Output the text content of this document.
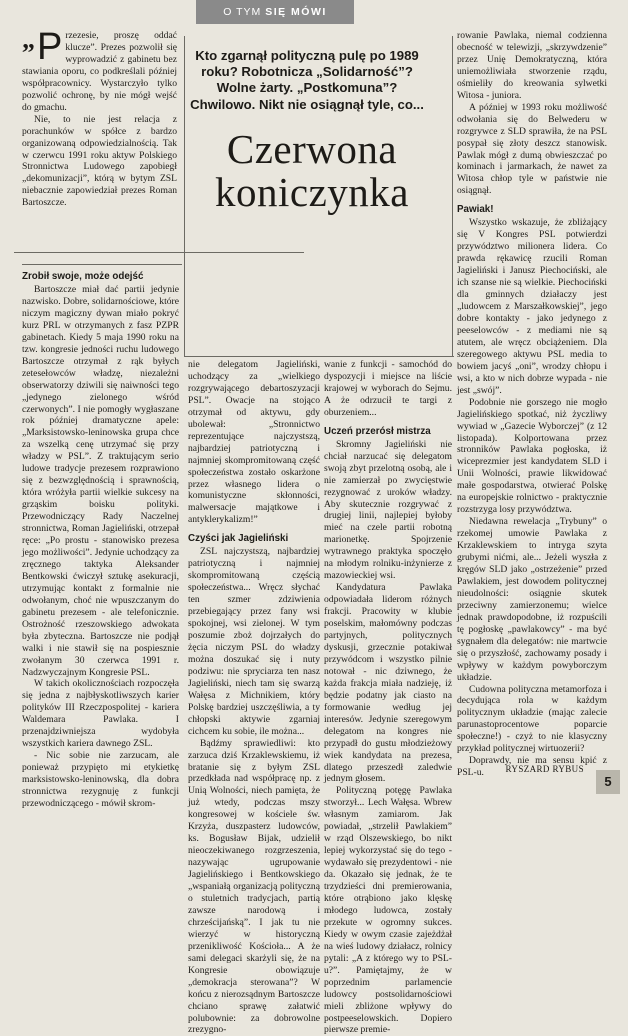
O TYM SIĘ MÓWI
Kto zgarnął polityczną pulę po 1989 roku? Robotnicza „Solidarność”? Wolne żarty. „Postkomuna”? Chwilowo. Nikt nie osiągnął tyle, co...
Czerwona
koniczynka

„ P rzezesie, proszę oddać klucze”. Prezes pozwolił się wyprowadzić z gabinetu bez stawiania oporu, co podkreślali później współpracownicy. Wystarczyło tylko pozwolić ochronę, by nie mógł wejść do gmachu.

Nie, to nie jest relacja z porachunków w spółce z bardzo organizowaną odpowiedzialnością. Tak w czerwcu 1991 roku aktyw Polskiego Stronnictwa Ludowego zapobiegł „dekomunizacji”, którą w bytym ZSL niebacznie zapowiedział prezes Roman Bartoszcze.

Zrobił swoje, może odejść

Bartoszcze miał dać partii jedynie nazwisko. Dobre, solidarnościowe, które niczym magiczny dywan miało pokryć kurz PRL w otrzymanych z fasz PZPR gabinetach. Kiedy 5 maja 1990 roku na tzw. kongresie jedności ruchu ludowego Bartoszcze otrzymał z rąk byłych zetesełowców władzę, niezależni obserwatorzy dziwili się naiwności tego „jedynego zielonego wśród czerwonych”. I nie pomogły wygłaszane rok później dramatyczne apele: „Marksistowsko-leninowska grupa chce za wszelką cenę utrzymać się przy władzy w PSL”. Z traktującym serio ludowe tradycje prezesem rozprawiono się z bezwzględnością i sprawnością, która wróżyła partii wielkie sukcesy na grząskim boisku polityki. Przewodniczący Rady Naczelnej stronnictwa, Roman Jagieliński, otrzepał ręce: „Po prostu - stanowisko prezesa jego możliwości”. Jedynie uchodzący za zręcznego taktyka Aleksander Bentkowski ćwiczył sztukę asekuracji, utrzymując kontakt z formalnie nie odwołanym, choć nie wpuszczanym do gabinetu prezesem - ale telefonicznie. Ostrożność rzeszowskiego adwokata była zbyteczna. Bartoszcze nie podjął walki i nie stawił się na pospiesznie zwołanym 30 czerwca 1991 r. Nadzwyczajnym Kongresie PSL.

W takich okolicznościach rozpoczęła się jedna z najbłyskotliwszych karier polityków III Rzeczpospolitej - kariera Waldemara Pawlaka. I przenajdziwniejsza wydobyła wszystkich kariera dawnego ZSL.

- Nic sobie nie zarzucam, ale ponieważ przypięto mi etykietkę marksistowsko-leninowską, dla dobra stronnictwa rezygnuję z funkcji przewodniczącego - mówił skrom-

nie delegatom Jagieliński, uchodzący za „wielkiego rozgrywającego debartoszyzacji PSL”. Owacje na stojąco otrzymał od aktywu, gdy ubolewał: „Stronnictwo reprezentujące najczystszą, najbardziej patriotyczną i najmniej skompromitowaną część społeczeństwa zostało oskarżone przez własnego lidera o komunistyczne skłonności, malwersacje majątkowe i antyklerykalizm!”

Czyści jak Jagieliński

ZSL najczystszą, najbardziej patriotyczną i najmniej skompromitowaną częścią społeczeństwa... Wręcz słychać ten szmer zdziwienia przebiegający przez fany wsi spokojnej, wsi zielonej. W tym poszumie zboż dojrzałych do żęcia niczym PSL do władzy można doszukać się i nuty podziwu: nie spryciarza ten nasz Jagieliński, niech tam się swarzą Wałęsa z Michnikiem, który Polskę bardziej uszczęśliwia, a ty chłopski aktywie zgarniaj cichcem ku sobie, ile można...

Bądźmy sprawiedliwi: kto zarzuca dziś Krzaklewskiemu, iż bratanie się z byłym ZSL przedkłada nad współpracę np. z Unią Wolności, niech pamięta, że już wtedy, podczas mszy kongresowej w kościele św. Krzyża, duszpasterz ludowców, ks. Bogusław Bijak, udzielił nieoczekiwanego rozgrzeszenia, nazywając ugrupowanie Jagielińskiego i Bentkowskiego „wspaniałą organizacją polityczną o stuletnich tradycjach, partią zawsze narodową i chrześcijańską”. I jak tu nie wierzyć w historyczną przenikliwość Kościoła... A że sami delegaci skarżyli się, że na Kongresie obowiązuje „demokracja sterowana”? W końcu z nierozsądnym Bartoszcze chciano sprawę załatwić polubownie: za dobrowolne zrezygno-

wanie z funkcji - samochód do dyspozycji i miejsce na liście krajowej w wyborach do Sejmu. A że odrzucił te targi z oburzeniem...

Uczeń przerósł mistrza

Skromny Jagieliński nie chciał narzucać się delegatom swoją zbyt przelotną osobą, ale i nie zamierzał po zwycięstwie rezygnować z uroków władzy. Aby skutecznie rozgrywać z drugiej linii, najlepiej byłoby mieć na czele partii robotną marionetkę. Spojrzenie wytrawnego praktyka spoczęło na młodym rolniku-inżynierze z mazowieckiej wsi.

Kandydatura Pawlaka odpowiadała liderom różnych frakcji. Pracowity w klubie poselskim, małomówny podczas partyjnych, politycznych dyskusji, grzecznie potakiwał przywódcom i wszystko pilnie notował - nic dziwnego, że każda frakcja miała nadzieję, iż będzie podatny jak ciasto na formowanie według jej interesów. Jedynie szeregowym delegatom na kongres nie przypadł do gustu młodzieżowy wiek kandydata na prezesa, dlatego przeszedł zaledwie jednym głosem.

Polityczną potęgę Pawlaka stworzył... Lech Wałęsa. Wbrew własnym zamiarom. Jak powiadał, „strzelił Pawlakiem” w rząd Olszewskiego, bo nikt lepiej wykorzystać się do tego - wydawało się prezydentowi - nie da. Okazało się jednak, że te trzydzieści dni premierowania, które otrąbiono jako klęskę młodego ludowca, zostały przekute w ogromny sukces. Kiedy w owym czasie zajeżdżał na wieś ludowy działacz, rolnicy pytali: „A z którego wy to PSL-u?”. Pamiętajmy, że w poprzednim parlamencie ludowcy postsolidarnościowi mieli zbliżone wpływy do postpeeselowskich. Dopiero pierwsze premie-

rowanie Pawlaka, niemal codzienna obecność w telewizji, „skrzywdzenie” przez Unię Demokratyczną, która uniemożliwiała stworzenie rządu, ośmieliły do kreowania sylwetki Witosa - juniora.

A później w 1993 roku możliwość odwołania się do Belwederu w rozgrywce z SLD sprawiła, że na PSL posypał się złoty deszcz stanowisk. Pawlak mógł z dumą obwieszczać po kominach i jarmarkach, że nawet za Witosa chłop tyle w państwie nie osiągnął.

Pawiak!

Wszystko wskazuje, że zbliżający się V Kongres PSL potwierdzi przywództwo milionera lidera. Co prawda rękawicę rzucili Roman Jagieliński i Janusz Piechociński, ale ich szanse nie są wielkie. Piechociński dla gminnych działaczy jest „ludowcem z Marszałkowskiej”, jego dobre kontakty - jako jedynego z peeselowców - z mediami nie są atutem, ale wręcz obciążeniem. Dla szeregowego aktywu PSL media to bowiem jacyś „oni”, wrodzy chłopu i wsi, a kto w nich dobrze wypada - nie jest „swój”.

Podobnie nie gorszego nie mogło Jagielińskiego spotkać, niż życzliwy wywiad w „Gazecie Wyborczej” (z 12 listopada). Kolportowana przez stronników Pawlaka pogłoska, iż wiceprezmier jest kandydatem SLD i Unii Wolności, prawie likwidować małe gospodarstwa, otwierać Polskę na europejskie rolnictwo - praktycznie rozstrzyga losy przywództwa.

Niedawna rewelacja „Trybuny” o rzekomej umowie Pawlaka z Krzaklewskiem to intryga szyta grubymi nićmi, ale... Jeżeli wyszła z kręgów SLD jako „ostrzeżenie” przed Pawlakiem, jest dowodem politycznej nieudolności: osiągnie skutek przeciwny zamierzonemu; wielce jednak prawdopodobne, iż rozpuścili tę pogłoskę „pawlakowcy” - ma być sygnałem dla delegatów: nie martwcie się o przyszłość, zachowamy posady i wpływy w każdym powyborczym układzie.

Cudowna polityczna metamorfoza i decydująca rola w każdym politycznym układzie (mając zalecie parunastoprocentowe poparcie społeczne!) - czyż to nie klasyczny przykład politycznej wirtuozerii?

Doprawdy, nie ma sensu kpić z PSL-u.	RYSZARD RYBUS
5
